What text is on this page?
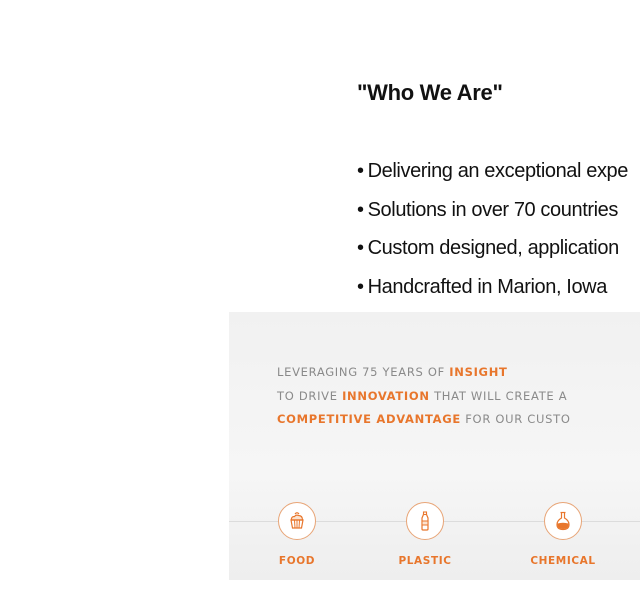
"Who We Are"
• Delivering an exceptional expe
• Solutions in over 70 countries
• Custom designed, application
• Handcrafted in Marion, Iowa
LEVERAGING 75 YEARS OF INSIGHT
TO DRIVE INNOVATION THAT WILL CREATE A
COMPETITIVE ADVANTAGE FOR OUR CUSTO
FOOD	PLASTIC	CHEMICAL
